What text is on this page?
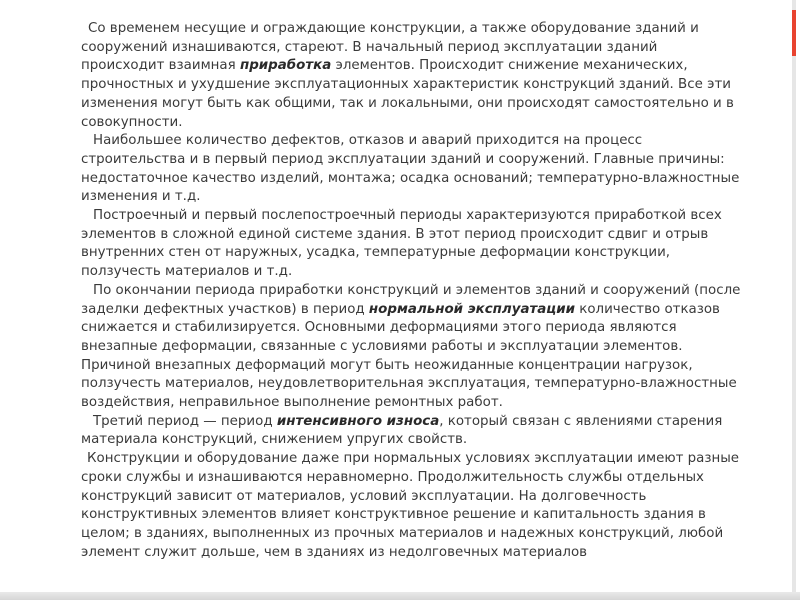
Со временем несущие и ограждающие конструкции, а также оборудование зданий и сооружений изнашиваются, стареют. В начальный период эксплуатации зданий происходит взаимная приработка элементов. Происходит снижение механических, прочностных и ухудшение эксплуатационных характеристик конструкций зданий. Все эти изменения могут быть как общими, так и локальными, они происходят самостоятельно и в совокупности.

Наибольшее количество дефектов, отказов и аварий приходится на процесс строительства и в первый период эксплуатации зданий и сооружений. Главные причины: недостаточное качество изделий, монтажа; осадка оснований; температурно-влажностные изменения и т.д.

Построечный и первый послепостроечный периоды характеризуются приработкой всех элементов в сложной единой системе здания. В этот период происходит сдвиг и отрыв внутренних стен от наружных, усадка, температурные деформации конструкции, ползучесть материалов и т.д.

По окончании периода приработки конструкций и элементов зданий и сооружений (после заделки дефектных участков) в период нормальной эксплуатации количество отказов снижается и стабилизируется. Основными деформациями этого периода являются внезапные деформации, связанные с условиями работы и эксплуатации элементов. Причиной внезапных деформаций могут быть неожиданные концентрации нагрузок, ползучесть материалов, неудовлетворительная эксплуатация, температурно-влажностные воздействия, неправильное выполнение ремонтных работ.

Третий период — период интенсивного износа, который связан с явлениями старения материала конструкций, снижением упругих свойств.

Конструкции и оборудование даже при нормальных условиях эксплуатации имеют разные сроки службы и изнашиваются неравномерно. Продолжительность службы отдельных конструкций зависит от материалов, условий эксплуатации. На долговечность конструктивных элементов влияет конструктивное решение и капитальность здания в целом; в зданиях, выполненных из прочных материалов и надежных конструкций, любой элемент служит дольше, чем в зданиях из недолговечных материалов
